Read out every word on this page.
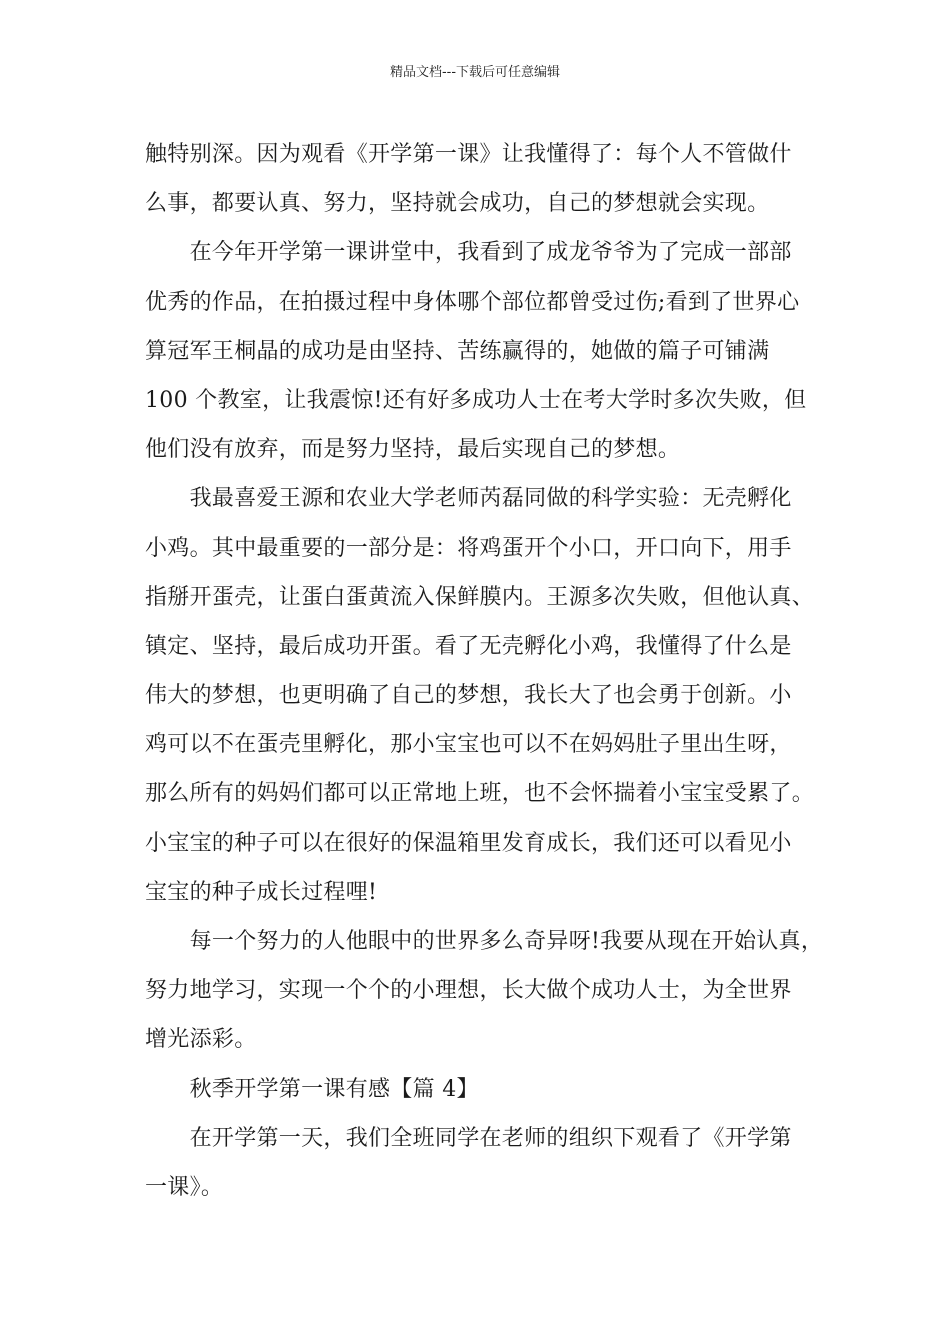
精品文档---下载后可任意编辑
触特别深。因为观看《开学第一课》让我懂得了：每个人不管做什
么事，都要认真、努力，坚持就会成功，自己的梦想就会实现。
　　在今年开学第一课讲堂中，我看到了成龙爷爷为了完成一部部
优秀的作品，在拍摄过程中身体哪个部位都曾受过伤;看到了世界心
算冠军王桐晶的成功是由坚持、苦练赢得的，她做的篇子可铺满
100 个教室，让我震惊!还有好多成功人士在考大学时多次失败，但
他们没有放弃，而是努力坚持，最后实现自己的梦想。
　　我最喜爱王源和农业大学老师芮磊同做的科学实验：无壳孵化
小鸡。其中最重要的一部分是：将鸡蛋开个小口，开口向下，用手
指掰开蛋壳，让蛋白蛋黄流入保鲜膜内。王源多次失败，但他认真、
镇定、坚持，最后成功开蛋。看了无壳孵化小鸡，我懂得了什么是
伟大的梦想，也更明确了自己的梦想，我长大了也会勇于创新。小
鸡可以不在蛋壳里孵化，那小宝宝也可以不在妈妈肚子里出生呀，
那么所有的妈妈们都可以正常地上班，也不会怀揣着小宝宝受累了。
小宝宝的种子可以在很好的保温箱里发育成长，我们还可以看见小
宝宝的种子成长过程哩!
　　每一个努力的人他眼中的世界多么奇异呀!我要从现在开始认真，
努力地学习，实现一个个的小理想，长大做个成功人士，为全世界
增光添彩。
　　秋季开学第一课有感【篇 4】
　　在开学第一天，我们全班同学在老师的组织下观看了《开学第
一课》。
